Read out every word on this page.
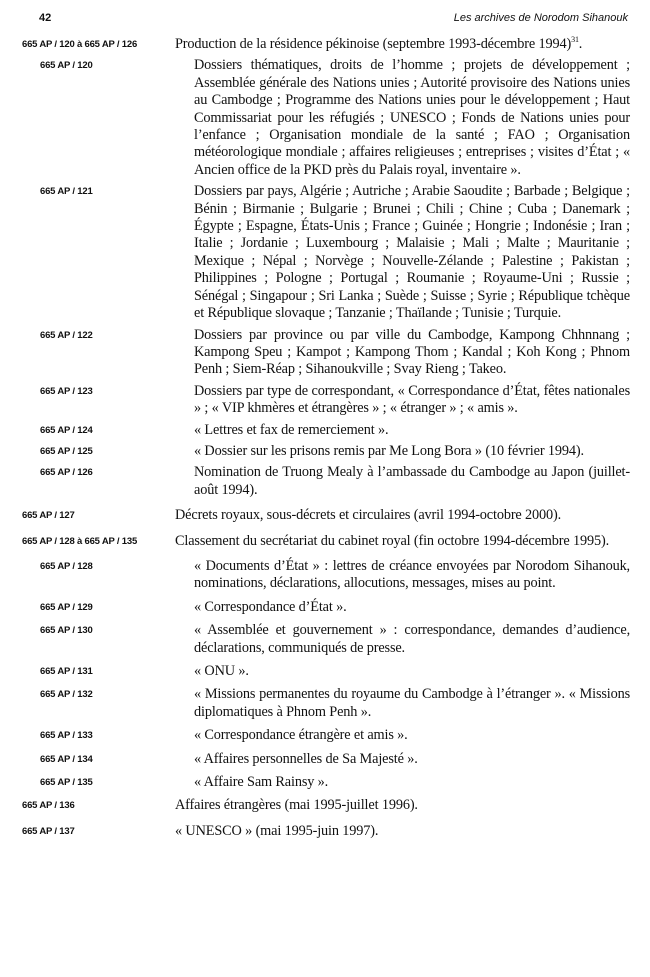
42	Les archives de Norodom Sihanouk
665 AP / 120 à 665 AP / 126	Production de la résidence pékinoise (septembre 1993-décembre 1994)$^{31}$.
665 AP / 120	Dossiers thématiques, droits de l’homme ; projets de développement ; Assemblée générale des Nations unies ; Autorité provisoire des Nations unies au Cambodge ; Programme des Nations unies pour le développement ; Haut Commissariat pour les réfugiés ; UNESCO ; Fonds de Nations unies pour l’enfance ; Organisation mondiale de la santé ; FAO ; Organisation météorologique mondiale ; affaires religieuses ; entreprises ; visites d’État ; « Ancien office de la PKD près du Palais royal, inventaire ».
665 AP / 121	Dossiers par pays, Algérie ; Autriche ; Arabie Saoudite ; Barbade ; Belgique ; Bénin ; Birmanie ; Bulgarie ; Brunei ; Chili ; Chine ; Cuba ; Danemark ; Égypte ; Espagne, États-Unis ; France ; Guinée ; Hongrie ; Indonésie ; Iran ; Italie ; Jordanie ; Luxembourg ; Malaisie ; Mali ; Malte ; Mauritanie ; Mexique ; Népal ; Norvège ; Nouvelle-Zélande ; Palestine ; Pakistan ; Philippines ; Pologne ; Portugal ; Roumanie ; Royaume-Uni ; Russie ; Sénégal ; Singapour ; Sri Lanka ; Suède ; Suisse ; Syrie ; République tchèque et République slovaque ; Tanzanie ; Thaïlande ; Tunisie ; Turquie.
665 AP / 122	Dossiers par province ou par ville du Cambodge, Kampong Chhnnang ; Kampong Speu ; Kampot ; Kampong Thom ; Kandal ; Koh Kong ; Phnom Penh ; Siem-Réap ; Sihanoukville ; Svay Rieng ; Takeo.
665 AP / 123	Dossiers par type de correspondant, « Correspondance d’État, fêtes nationales » ; « VIP khmères et étrangères » ; « étranger » ; « amis ».
665 AP / 124	« Lettres et fax de remerciement ».
665 AP / 125	« Dossier sur les prisons remis par Me Long Bora » (10 février 1994).
665 AP / 126	Nomination de Truong Mealy à l’ambassade du Cambodge au Japon (juillet-août 1994).
665 AP / 127	Décrets royaux, sous-décrets et circulaires (avril 1994-octobre 2000).
665 AP / 128 à 665 AP / 135	Classement du secrétariat du cabinet royal (fin octobre 1994-décembre 1995).
665 AP / 128	« Documents d’État » : lettres de créance envoyées par Norodom Sihanouk, nominations, déclarations, allocutions, messages, mises au point.
665 AP / 129	« Correspondance d’État ».
665 AP / 130	« Assemblée et gouvernement » : correspondance, demandes d’audience, déclarations, communiqués de presse.
665 AP / 131	« ONU ».
665 AP / 132	« Missions permanentes du royaume du Cambodge à l’étranger ». « Missions diplomatiques à Phnom Penh ».
665 AP / 133	« Correspondance étrangère et amis ».
665 AP / 134	« Affaires personnelles de Sa Majesté ».
665 AP / 135	« Affaire Sam Rainsy ».
665 AP / 136	Affaires étrangères (mai 1995-juillet 1996).
665 AP / 137	« UNESCO » (mai 1995-juin 1997).
